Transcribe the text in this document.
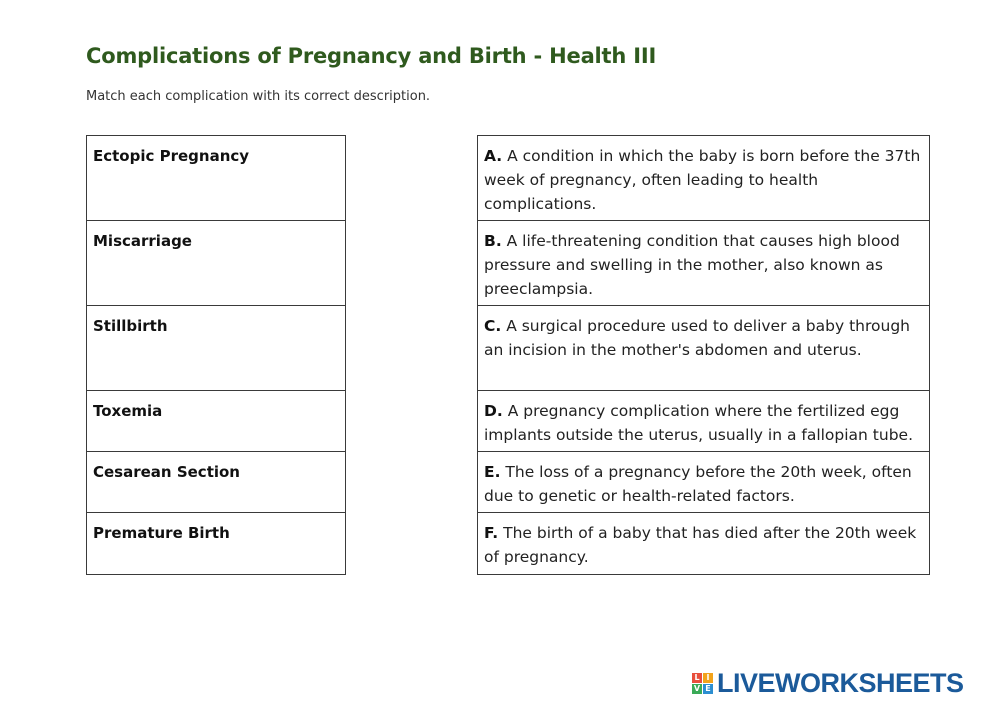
Complications of Pregnancy and Birth - Health III
Match each complication with its correct description.
Ectopic Pregnancy
Miscarriage
Stillbirth
Toxemia
Cesarean Section
Premature Birth
A. A condition in which the baby is born before the 37th week of pregnancy, often leading to health complications.
B. A life-threatening condition that causes high blood pressure and swelling in the mother, also known as preeclampsia.
C. A surgical procedure used to deliver a baby through an incision in the mother's abdomen and uterus.
D. A pregnancy complication where the fertilized egg implants outside the uterus, usually in a fallopian tube.
E. The loss of a pregnancy before the 20th week, often due to genetic or health-related factors.
F. The birth of a baby that has died after the 20th week of pregnancy.
L I
V E LIVEWORKSHEETS
